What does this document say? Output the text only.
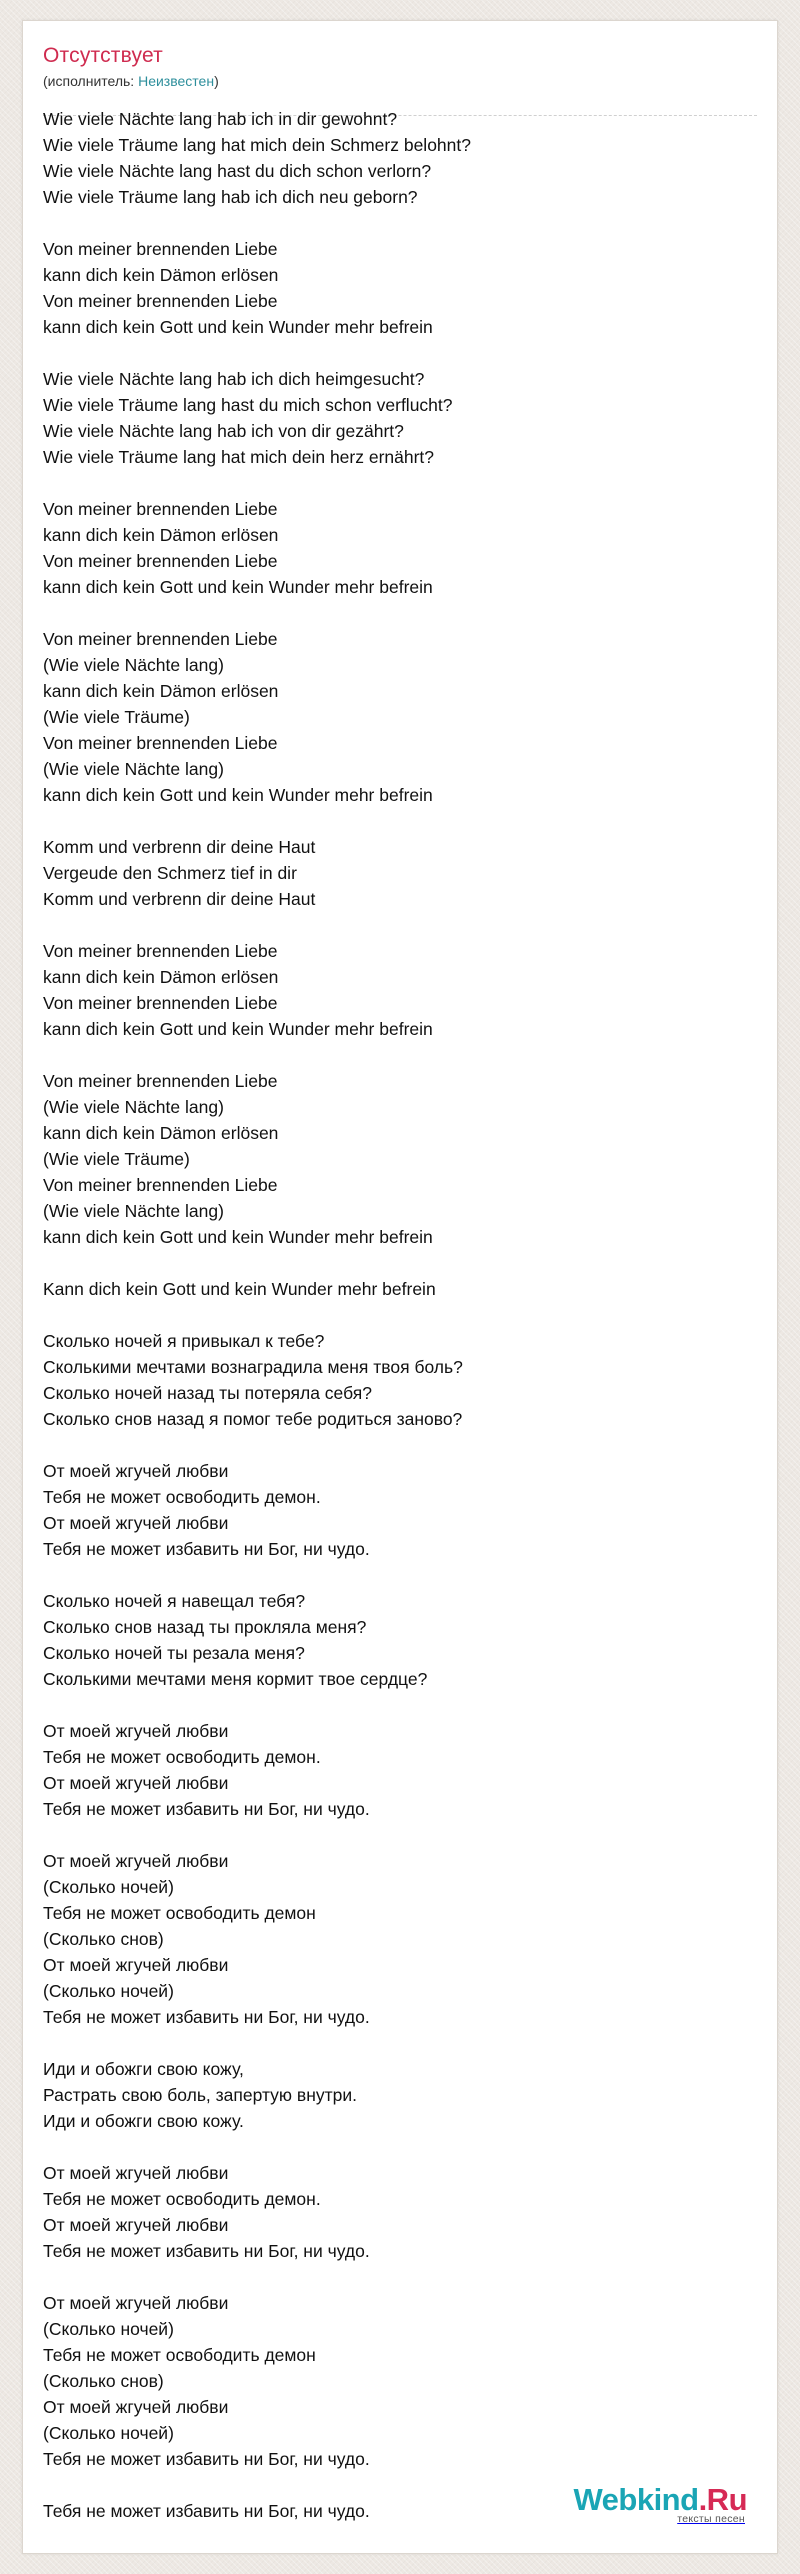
Отсутствует
(исполнитель: Неизвестен)
Wie viele Nächte lang hab ich in dir gewohnt?
Wie viele Träume lang hat mich dein Schmerz belohnt?
Wie viele Nächte lang hast du dich schon verlorn?
Wie viele Träume lang hab ich dich neu geborn?
Von meiner brennenden Liebe
kann dich kein Dämon erlösen
Von meiner brennenden Liebe
kann dich kein Gott und kein Wunder mehr befrein
Wie viele Nächte lang hab ich dich heimgesucht?
Wie viele Träume lang hast du mich schon verflucht?
Wie viele Nächte lang hab ich von dir gezährt?
Wie viele Träume lang hat mich dein herz ernährt?
Von meiner brennenden Liebe
kann dich kein Dämon erlösen
Von meiner brennenden Liebe
kann dich kein Gott und kein Wunder mehr befrein
Von meiner brennenden Liebe
(Wie viele Nächte lang)
kann dich kein Dämon erlösen
(Wie viele Träume)
Von meiner brennenden Liebe
(Wie viele Nächte lang)
kann dich kein Gott und kein Wunder mehr befrein
Komm und verbrenn dir deine Haut
Vergeude den Schmerz tief in dir
Komm und verbrenn dir deine Haut
Von meiner brennenden Liebe
kann dich kein Dämon erlösen
Von meiner brennenden Liebe
kann dich kein Gott und kein Wunder mehr befrein
Von meiner brennenden Liebe
(Wie viele Nächte lang)
kann dich kein Dämon erlösen
(Wie viele Träume)
Von meiner brennenden Liebe
(Wie viele Nächte lang)
kann dich kein Gott und kein Wunder mehr befrein
Kann dich kein Gott und kein Wunder mehr befrein
Сколько ночей я привыкал к тебе?
Сколькими мечтами вознаградила меня твоя боль?
Сколько ночей назад ты потеряла себя?
Сколько снов назад я помог тебе родиться заново?
От моей жгучей любви
Тебя не может освободить демон.
От моей жгучей любви
Тебя не может избавить ни Бог, ни чудо.
Сколько ночей я навещал тебя?
Сколько снов назад ты прокляла меня?
Сколько ночей ты резала меня?
Сколькими мечтами меня кормит твое сердце?
От моей жгучей любви
Тебя не может освободить демон.
От моей жгучей любви
Тебя не может избавить ни Бог, ни чудо.
От моей жгучей любви
(Сколько ночей)
Тебя не может освободить демон
(Сколько снов)
От моей жгучей любви
(Сколько ночей)
Тебя не может избавить ни Бог, ни чудо.
Иди и обожги свою кожу,
Растрать свою боль, запертую внутри.
Иди и обожги свою кожу.
От моей жгучей любви
Тебя не может освободить демон.
От моей жгучей любви
Тебя не может избавить ни Бог, ни чудо.
От моей жгучей любви
(Сколько ночей)
Тебя не может освободить демон
(Сколько снов)
От моей жгучей любви
(Сколько ночей)
Тебя не может избавить ни Бог, ни чудо.
Тебя не может избавить ни Бог, ни чудо.	Webkind .Ru
тексты песен
